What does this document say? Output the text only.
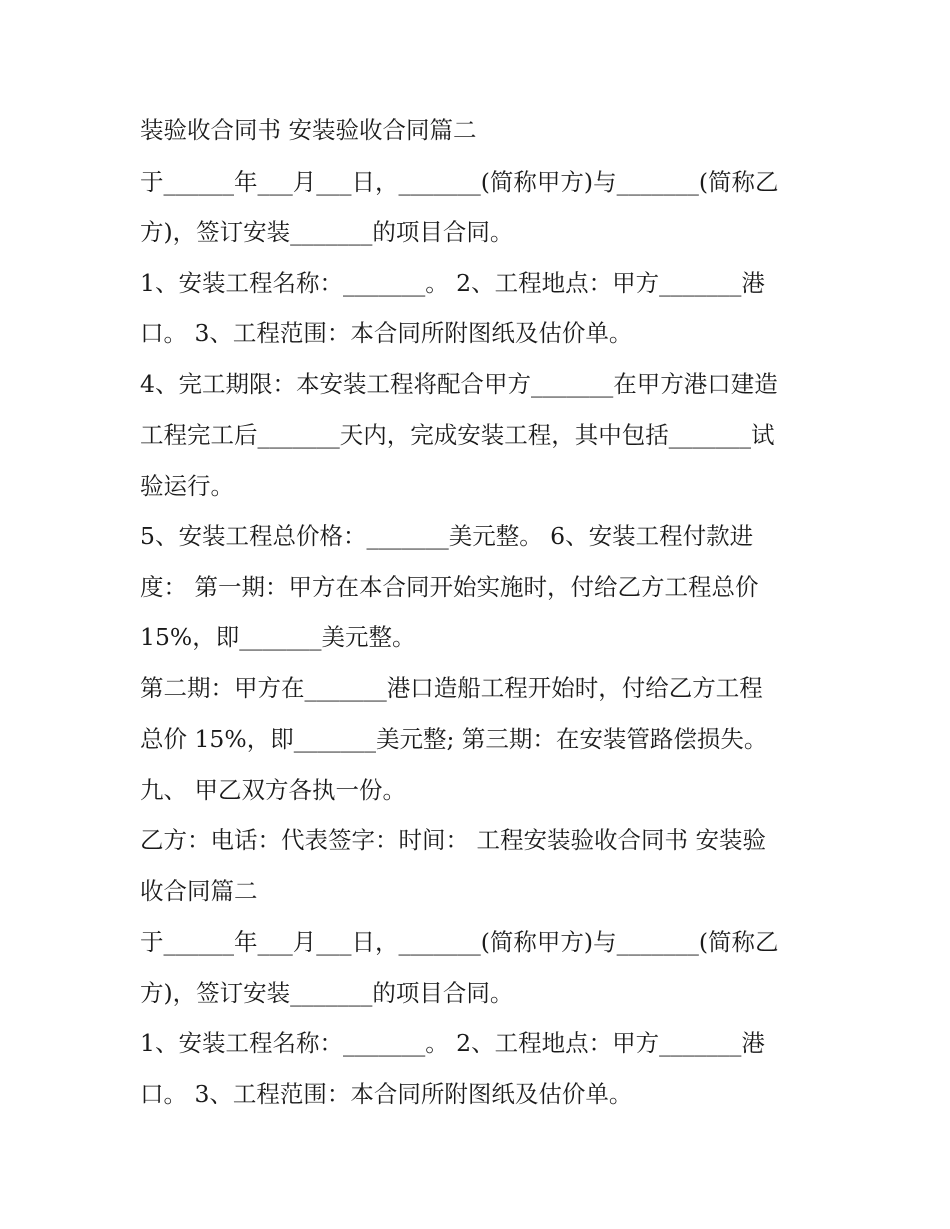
装验收合同书 安装验收合同篇二
于______年___月___日，_______(简称甲方)与_______(简称乙
方)，签订安装_______的项目合同。
1、安装工程名称：_______。 2、工程地点：甲方_______港
口。 3、工程范围：本合同所附图纸及估价单。
4、完工期限：本安装工程将配合甲方_______在甲方港口建造
工程完工后_______天内，完成安装工程，其中包括_______试
验运行。
5、安装工程总价格：_______美元整。 6、安装工程付款进
度： 第一期：甲方在本合同开始实施时，付给乙方工程总价
15%，即_______美元整。
第二期：甲方在_______港口造船工程开始时，付给乙方工程
总价 15%，即_______美元整; 第三期：在安装管路偿损失。
九、 甲乙双方各执一份。
乙方：电话：代表签字：时间： 工程安装验收合同书 安装验
收合同篇二
于______年___月___日，_______(简称甲方)与_______(简称乙
方)，签订安装_______的项目合同。
1、安装工程名称：_______。 2、工程地点：甲方_______港
口。 3、工程范围：本合同所附图纸及估价单。
